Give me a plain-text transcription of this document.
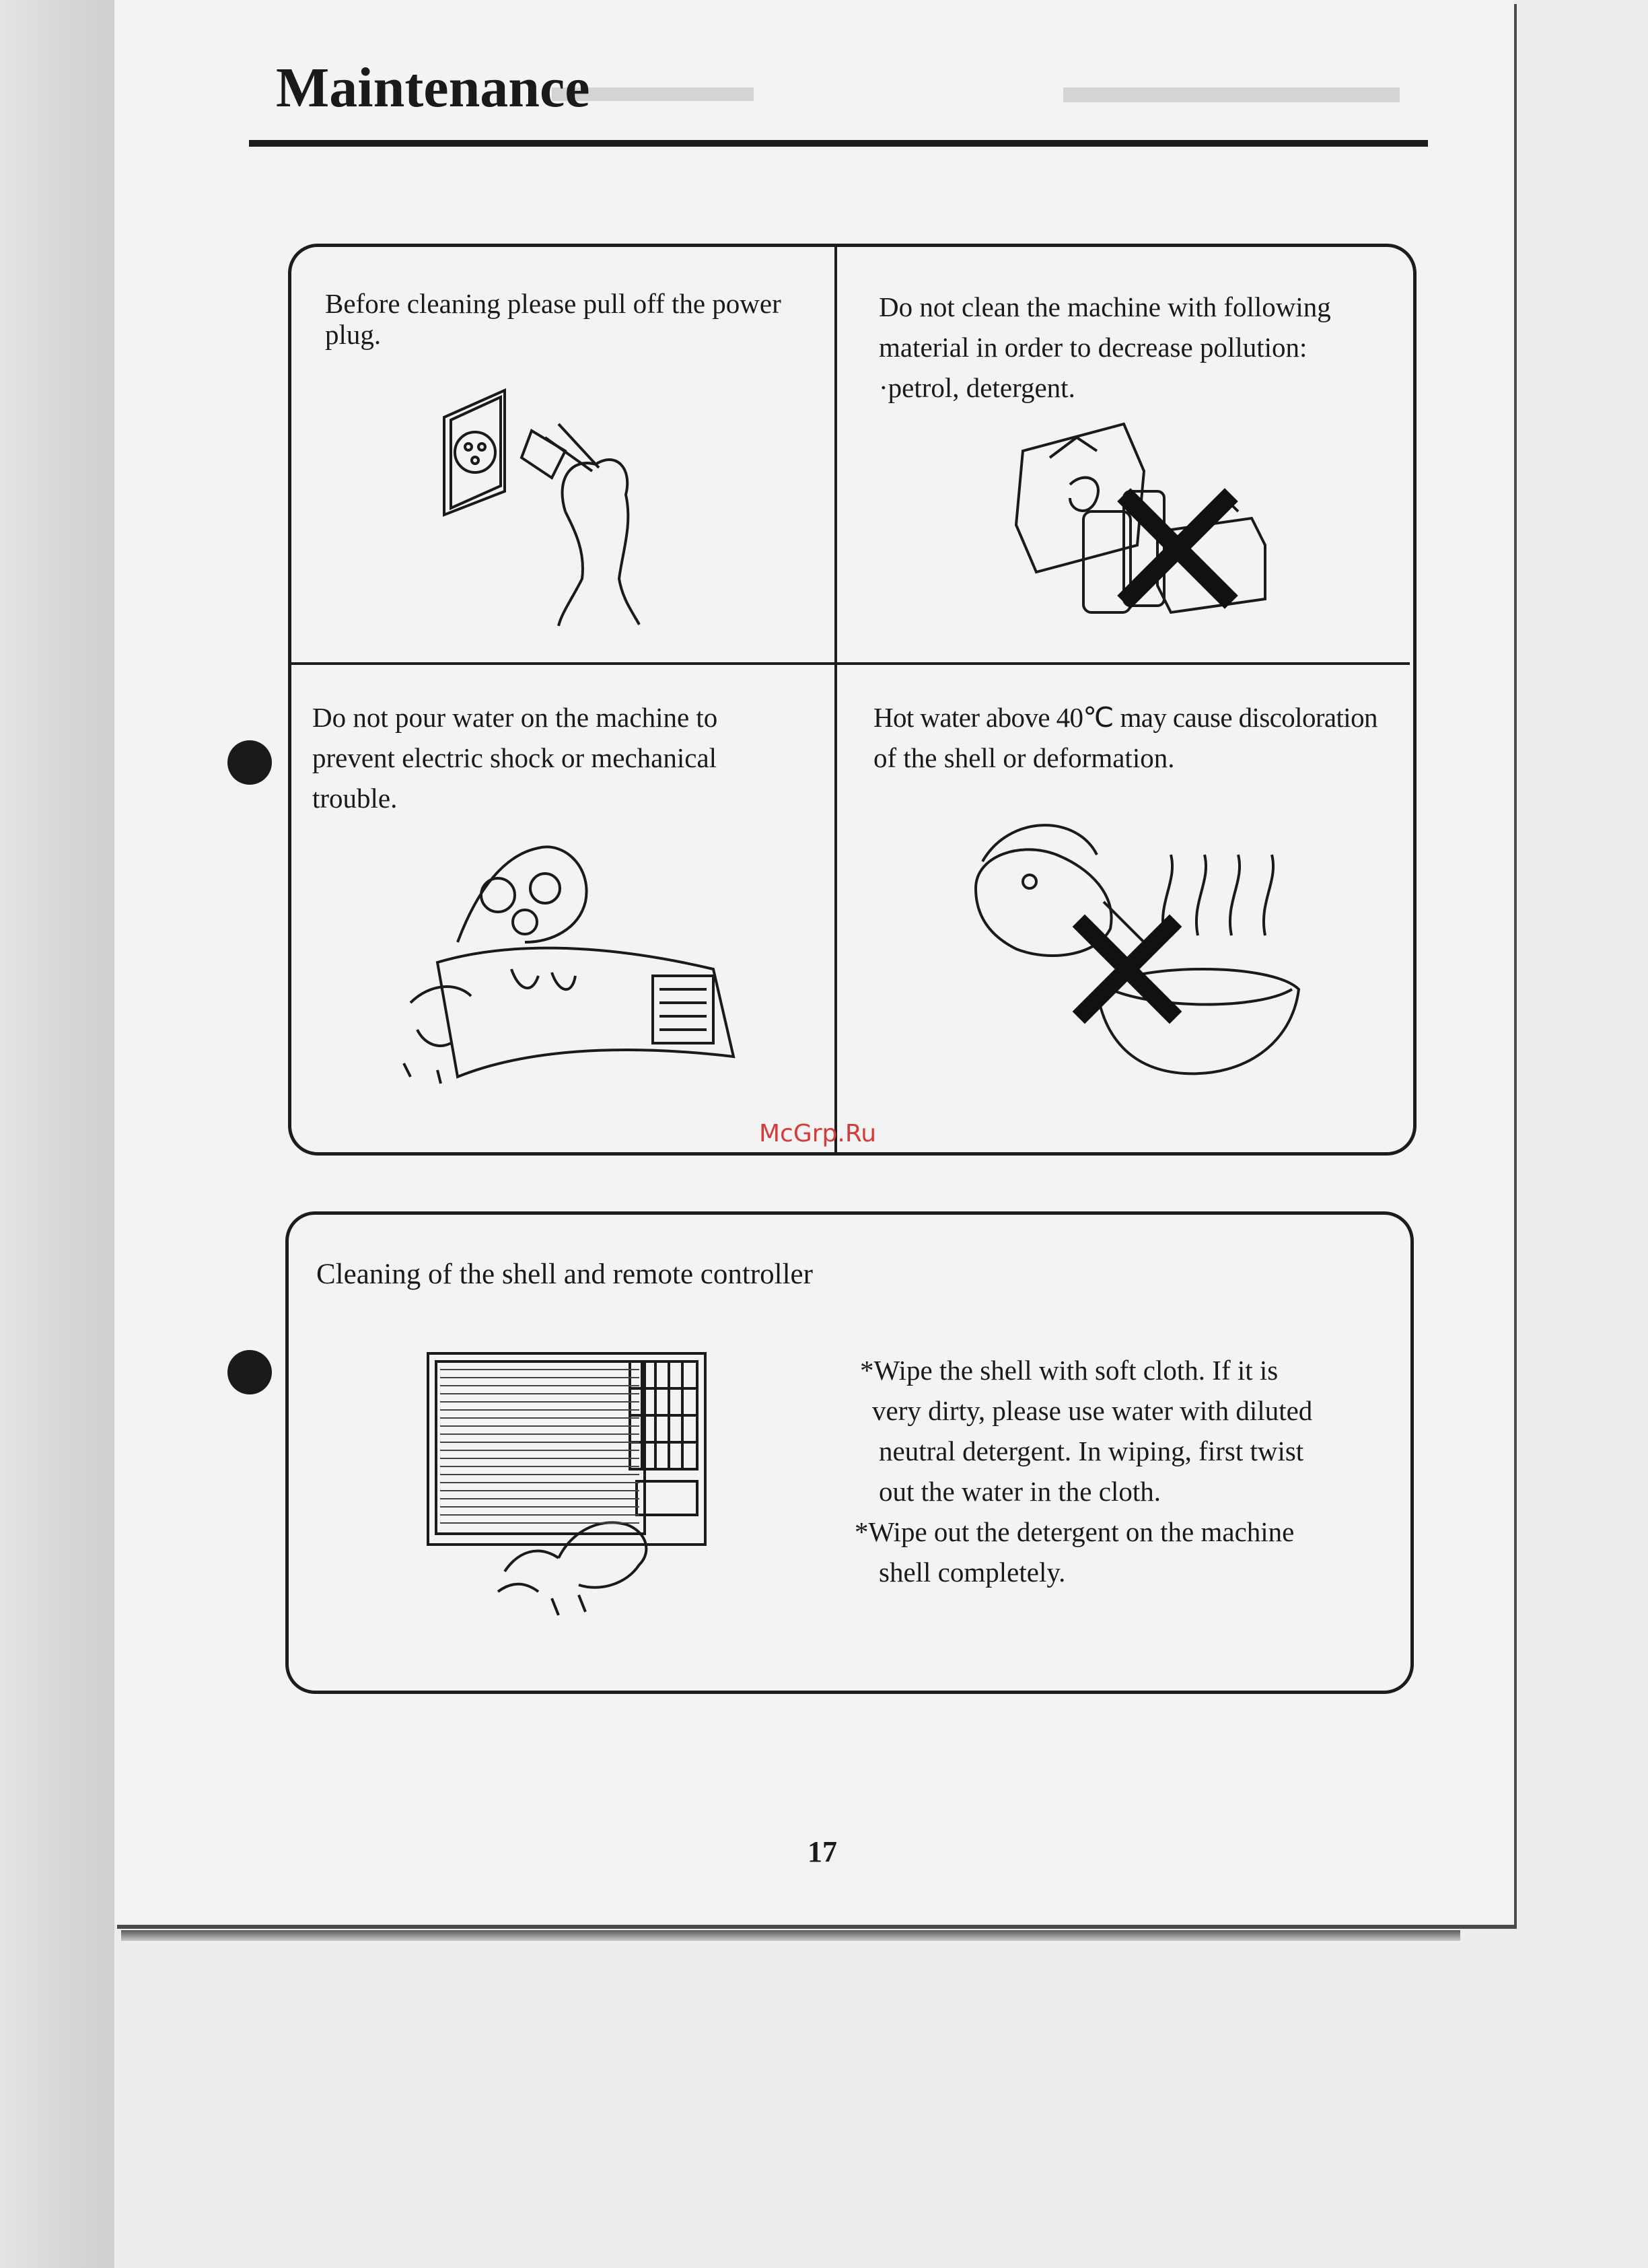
Maintenance

Before cleaning please pull off the power plug.

Do not clean the machine with following

material in order to decrease pollution:

·petrol, detergent.

Do not pour water on the machine to

prevent electric shock or mechanical

trouble.

Hot water above 40℃ may cause discoloration

of the shell or deformation.

McGrp.Ru

Cleaning of the shell and remote controller

*Wipe the shell with soft cloth. If it is

very dirty, please use water with diluted

neutral detergent. In wiping, first twist

out the water in the cloth.

*Wipe out the detergent on the machine

shell completely.

17
